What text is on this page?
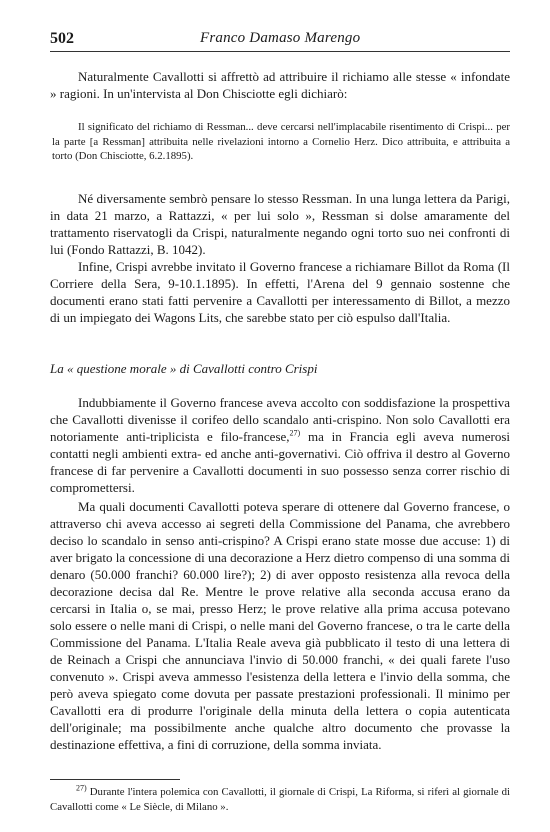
502	Franco Damaso Marengo

Naturalmente Cavallotti si affrettò ad attribuire il richiamo alle stesse « infondate » ragioni. In un'intervista al Don Chisciotte egli dichiarò:

Il significato del richiamo di Ressman... deve cercarsi nell'implacabile risentimento di Crispi... per la parte [a Ressman] attribuita nelle rivelazioni intorno a Cornelio Herz. Dico attribuita, e attribuita a torto (Don Chisciotte, 6.2.1895).

Né diversamente sembrò pensare lo stesso Ressman. In una lunga lettera da Parigi, in data 21 marzo, a Rattazzi, « per lui solo », Ressman si dolse amaramente del trattamento riservatogli da Crispi, naturalmente negando ogni torto suo nei confronti di lui (Fondo Rattazzi, B. 1042).

Infine, Crispi avrebbe invitato il Governo francese a richiamare Billot da Roma (Il Corriere della Sera, 9-10.1.1895). In effetti, l'Arena del 9 gennaio sostenne che documenti erano stati fatti pervenire a Cavallotti per interessamento di Billot, a mezzo di un impiegato dei Wagons Lits, che sarebbe stato per ciò espulso dall'Italia.

La « questione morale » di Cavallotti contro Crispi

Indubbiamente il Governo francese aveva accolto con soddisfazione la prospettiva che Cavallotti divenisse il corifeo dello scandalo anti-crispino. Non solo Cavallotti era notoriamente anti-triplicista e filo-francese,$^{27)}$ ma in Francia egli aveva numerosi contatti negli ambienti extra- ed anche anti-governativi. Ciò offriva il destro al Governo francese di far pervenire a Cavallotti documenti in suo possesso senza correr rischio di compromettersi.

Ma quali documenti Cavallotti poteva sperare di ottenere dal Governo francese, o attraverso chi aveva accesso ai segreti della Commissione del Panama, che avrebbero deciso lo scandalo in senso anti-crispino? A Crispi erano state mosse due accuse: 1) di aver brigato la concessione di una decorazione a Herz dietro compenso di una somma di denaro (50.000 franchi? 60.000 lire?); 2) di aver opposto resistenza alla revoca della decorazione decisa dal Re. Mentre le prove relative alla seconda accusa erano da cercarsi in Italia o, se mai, presso Herz; le prove relative alla prima accusa potevano solo essere o nelle mani di Crispi, o nelle mani del Governo francese, o tra le carte della Commissione del Panama. L'Italia Reale aveva già pubblicato il testo di una lettera di de Reinach a Crispi che annunciava l'invio di 50.000 franchi, « dei quali farete l'uso convenuto ». Crispi aveva ammesso l'esistenza della lettera e l'invio della somma, che però aveva spiegato come dovuta per passate prestazioni professionali. Il minimo per Cavallotti era di produrre l'originale della minuta della lettera o copia autenticata dell'originale; ma possibilmente anche qualche altro documento che provasse la destinazione effettiva, a fini di corruzione, della somma inviata.

$^{27)}$ Durante l'intera polemica con Cavallotti, il giornale di Crispi, La Riforma, si riferì al giornale di Cavallotti come « Le Siècle, di Milano ».
